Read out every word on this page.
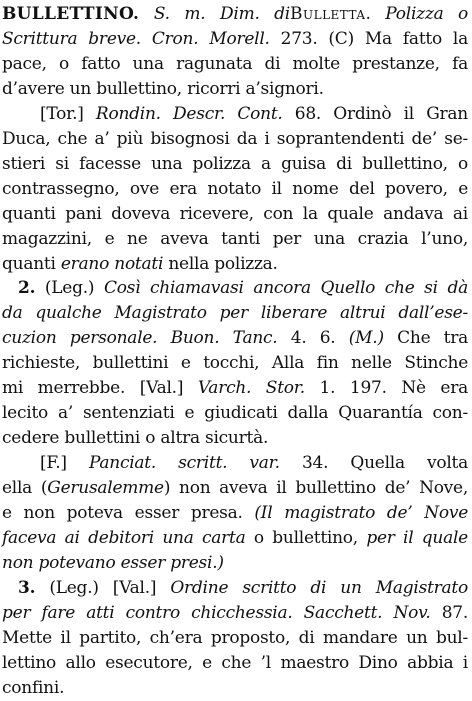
BULLETTINO. S. m. Dim. diBulletta. Polizza o
Scrittura breve. Cron. Morell. 273. (C) Ma fatto la
pace, o fatto una ragunata di molte prestanze, fa
d’avere un bullettino, ricorri a’signori.
[Tor.] Rondin. Descr. Cont. 68. Ordinò il Gran
Duca, che a’ più bisognosi da i soprantendenti de’ se-
stieri si facesse una polizza a guisa di bullettino, o
contrassegno, ove era notato il nome del povero, e
quanti pani doveva ricevere, con la quale andava ai
magazzini, e ne aveva tanti per una crazia l’uno,
quanti erano notati nella polizza.
2. (Leg.) Così chiamavasi ancora Quello che si dà
da qualche Magistrato per liberare altrui dall’ese-
cuzion personale. Buon. Tanc. 4. 6. (M.) Che tra
richieste, bullettini e tocchi, Alla fin nelle Stinche
mi merrebbe. [Val.] Varch. Stor. 1. 197. Nè era
lecito a’ sentenziati e giudicati dalla Quarantía con-
cedere bullettini o altra sicurtà.
[F.] Panciat. scritt. var. 34. Quella volta
ella (Gerusalemme) non aveva il bullettino de’ Nove,
e non poteva esser presa. (Il magistrato de’ Nove
faceva ai debitori una carta o bullettino, per il quale
non potevano esser presi.)
3. (Leg.) [Val.] Ordine scritto di un Magistrato
per fare atti contro chicchessia. Sacchett. Nov. 87.
Mette il partito, ch’era proposto, di mandare un bul-
lettino allo esecutore, e che ’l maestro Dino abbia i
confini.
